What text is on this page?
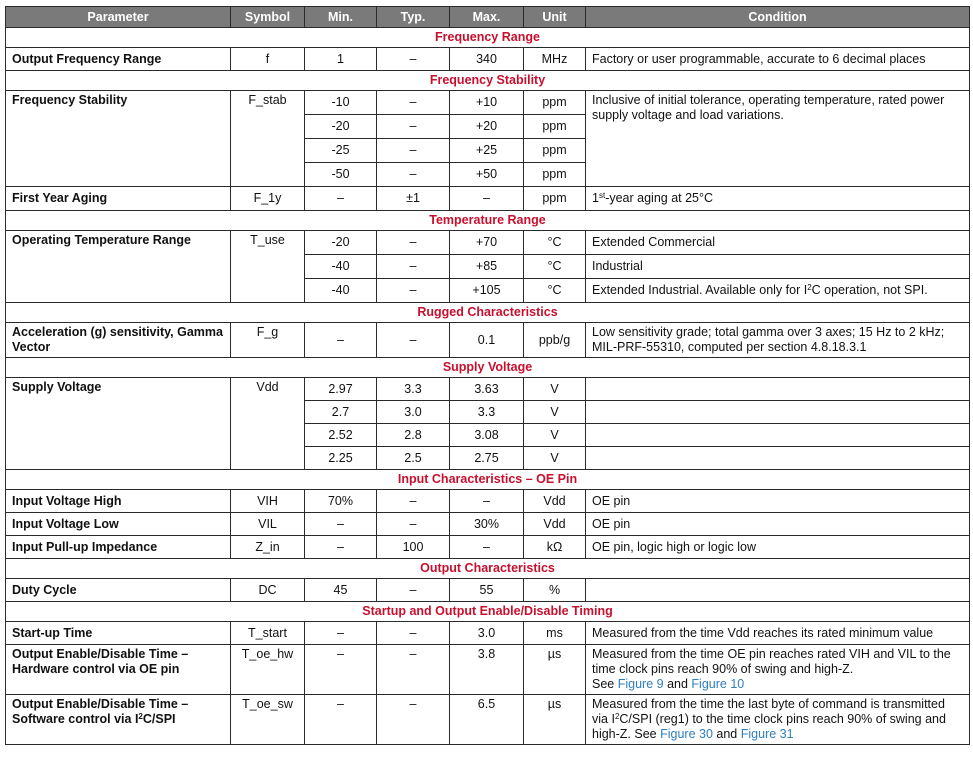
Parameter	Symbol	Min.	Typ.	Max.	Unit	Condition
Frequency Range						
Output Frequency Range	f	1	–	340	MHz	Factory or user programmable, accurate to 6 decimal places
Frequency Stability						
Frequency Stability	F_stab	-10	–	+10	ppm	Inclusive of initial tolerance, operating temperature, rated power supply voltage and load variations.
		-20	–	+20	ppm	
		-25	–	+25	ppm	
		-50	–	+50	ppm	
First Year Aging	F_1y	–	±1	–	ppm	1st-year aging at 25°C
Temperature Range						
Operating Temperature Range	T_use	-20	–	+70	°C	Extended Commercial
		-40	–	+85	°C	Industrial
		-40	–	+105	°C	Extended Industrial. Available only for $I^2C$ operation, not SPI.
Rugged Characteristics						
Acceleration (g) sensitivity, Gamma Vector	F_g	–	–	0.1	ppb/g	Low sensitivity grade; total gamma over 3 axes; 15 Hz to 2 kHz; MIL-PRF-55310, computed per section 4.8.18.3.1
Supply Voltage						
Supply Voltage	Vdd	2.97	3.3	3.63	V	
		2.7	3.0	3.3	V	
		2.52	2.8	3.08	V	
		2.25	2.5	2.75	V	
Input Characteristics – OE Pin						
Input Voltage High	VIH	70%	–	–	Vdd	OE pin
Input Voltage Low	VIL	–	–	30%	Vdd	OE pin
Input Pull-up Impedance	Z_in	–	100	–	kΩ	OE pin, logic high or logic low
Output Characteristics						
Duty Cycle	DC	45	–	55	%	
Startup and Output Enable/Disable Timing						
Start-up Time	T_start	–	–	3.0	ms	Measured from the time Vdd reaches its rated minimum value
Output Enable/Disable Time – Hardware control via OE pin	T_oe_hw	–	–	3.8	µs	Measured from the time OE pin reaches rated VIH and VIL to the time clock pins reach 90% of swing and high-Z.
See Figure 9 and Figure 10
Output Enable/Disable Time – Software control via $I^2C$/SPI	T_oe_sw	–	–	6.5	µs	Measured from the time the last byte of command is transmitted via $I^2C$/SPI (reg1) to the time clock pins reach 90% of swing and high-Z. See Figure 30 and Figure 31
